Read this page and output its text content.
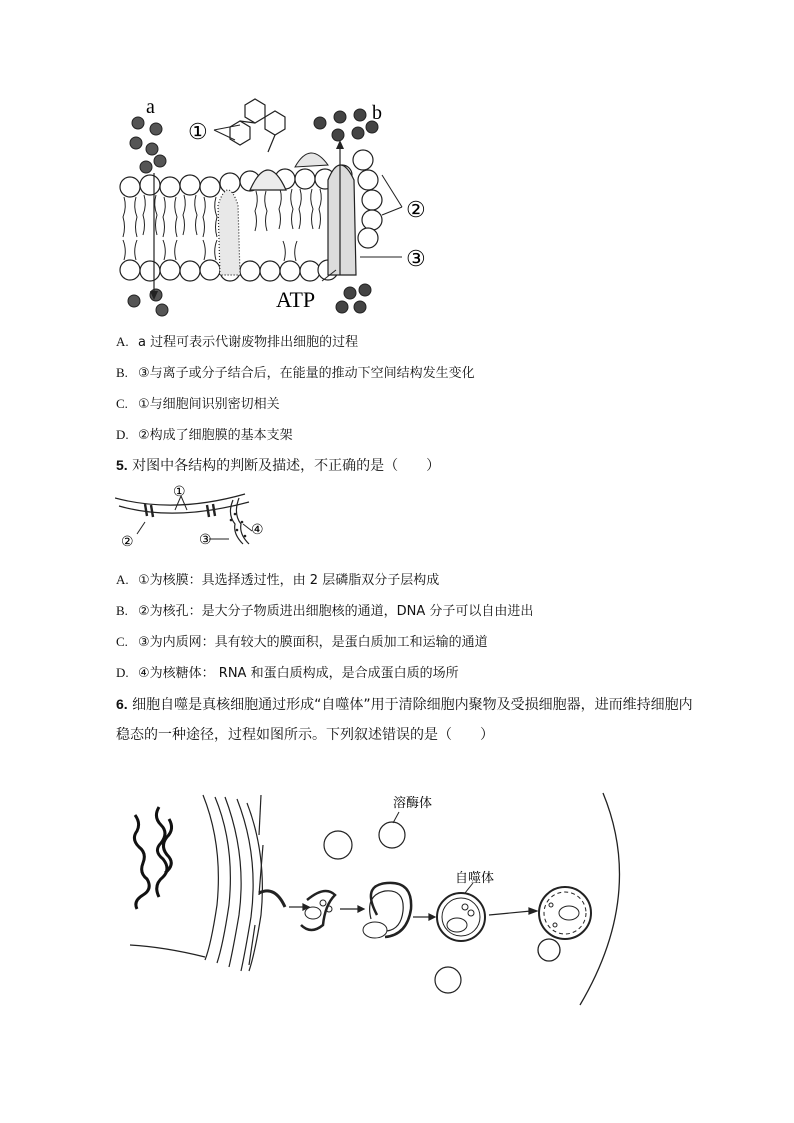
a	b
①
②
③
ATP
A. a 过程可表示代谢废物排出细胞的过程
B. ③与离子或分子结合后，在能量的推动下空间结构发生变化
C. ①与细胞间识别密切相关
D. ②构成了细胞膜的基本支架
5. 对图中各结构的判断及描述，不正确的是（　　）
①
②	③
④
A. ①为核膜：具选择透过性，由 2 层磷脂双分子层构成
B. ②为核孔：是大分子物质进出细胞核的通道，DNA 分子可以自由进出
C. ③为内质网：具有较大的膜面积，是蛋白质加工和运输的通道
D. ④为核糖体： RNA 和蛋白质构成，是合成蛋白质的场所
6. 细胞自噬是真核细胞通过形成“自噬体”用于清除细胞内聚物及受损细胞器，进而维持细胞内
稳态的一种途径，过程如图所示。下列叙述错误的是（　　）
溶酶体
自噬体
